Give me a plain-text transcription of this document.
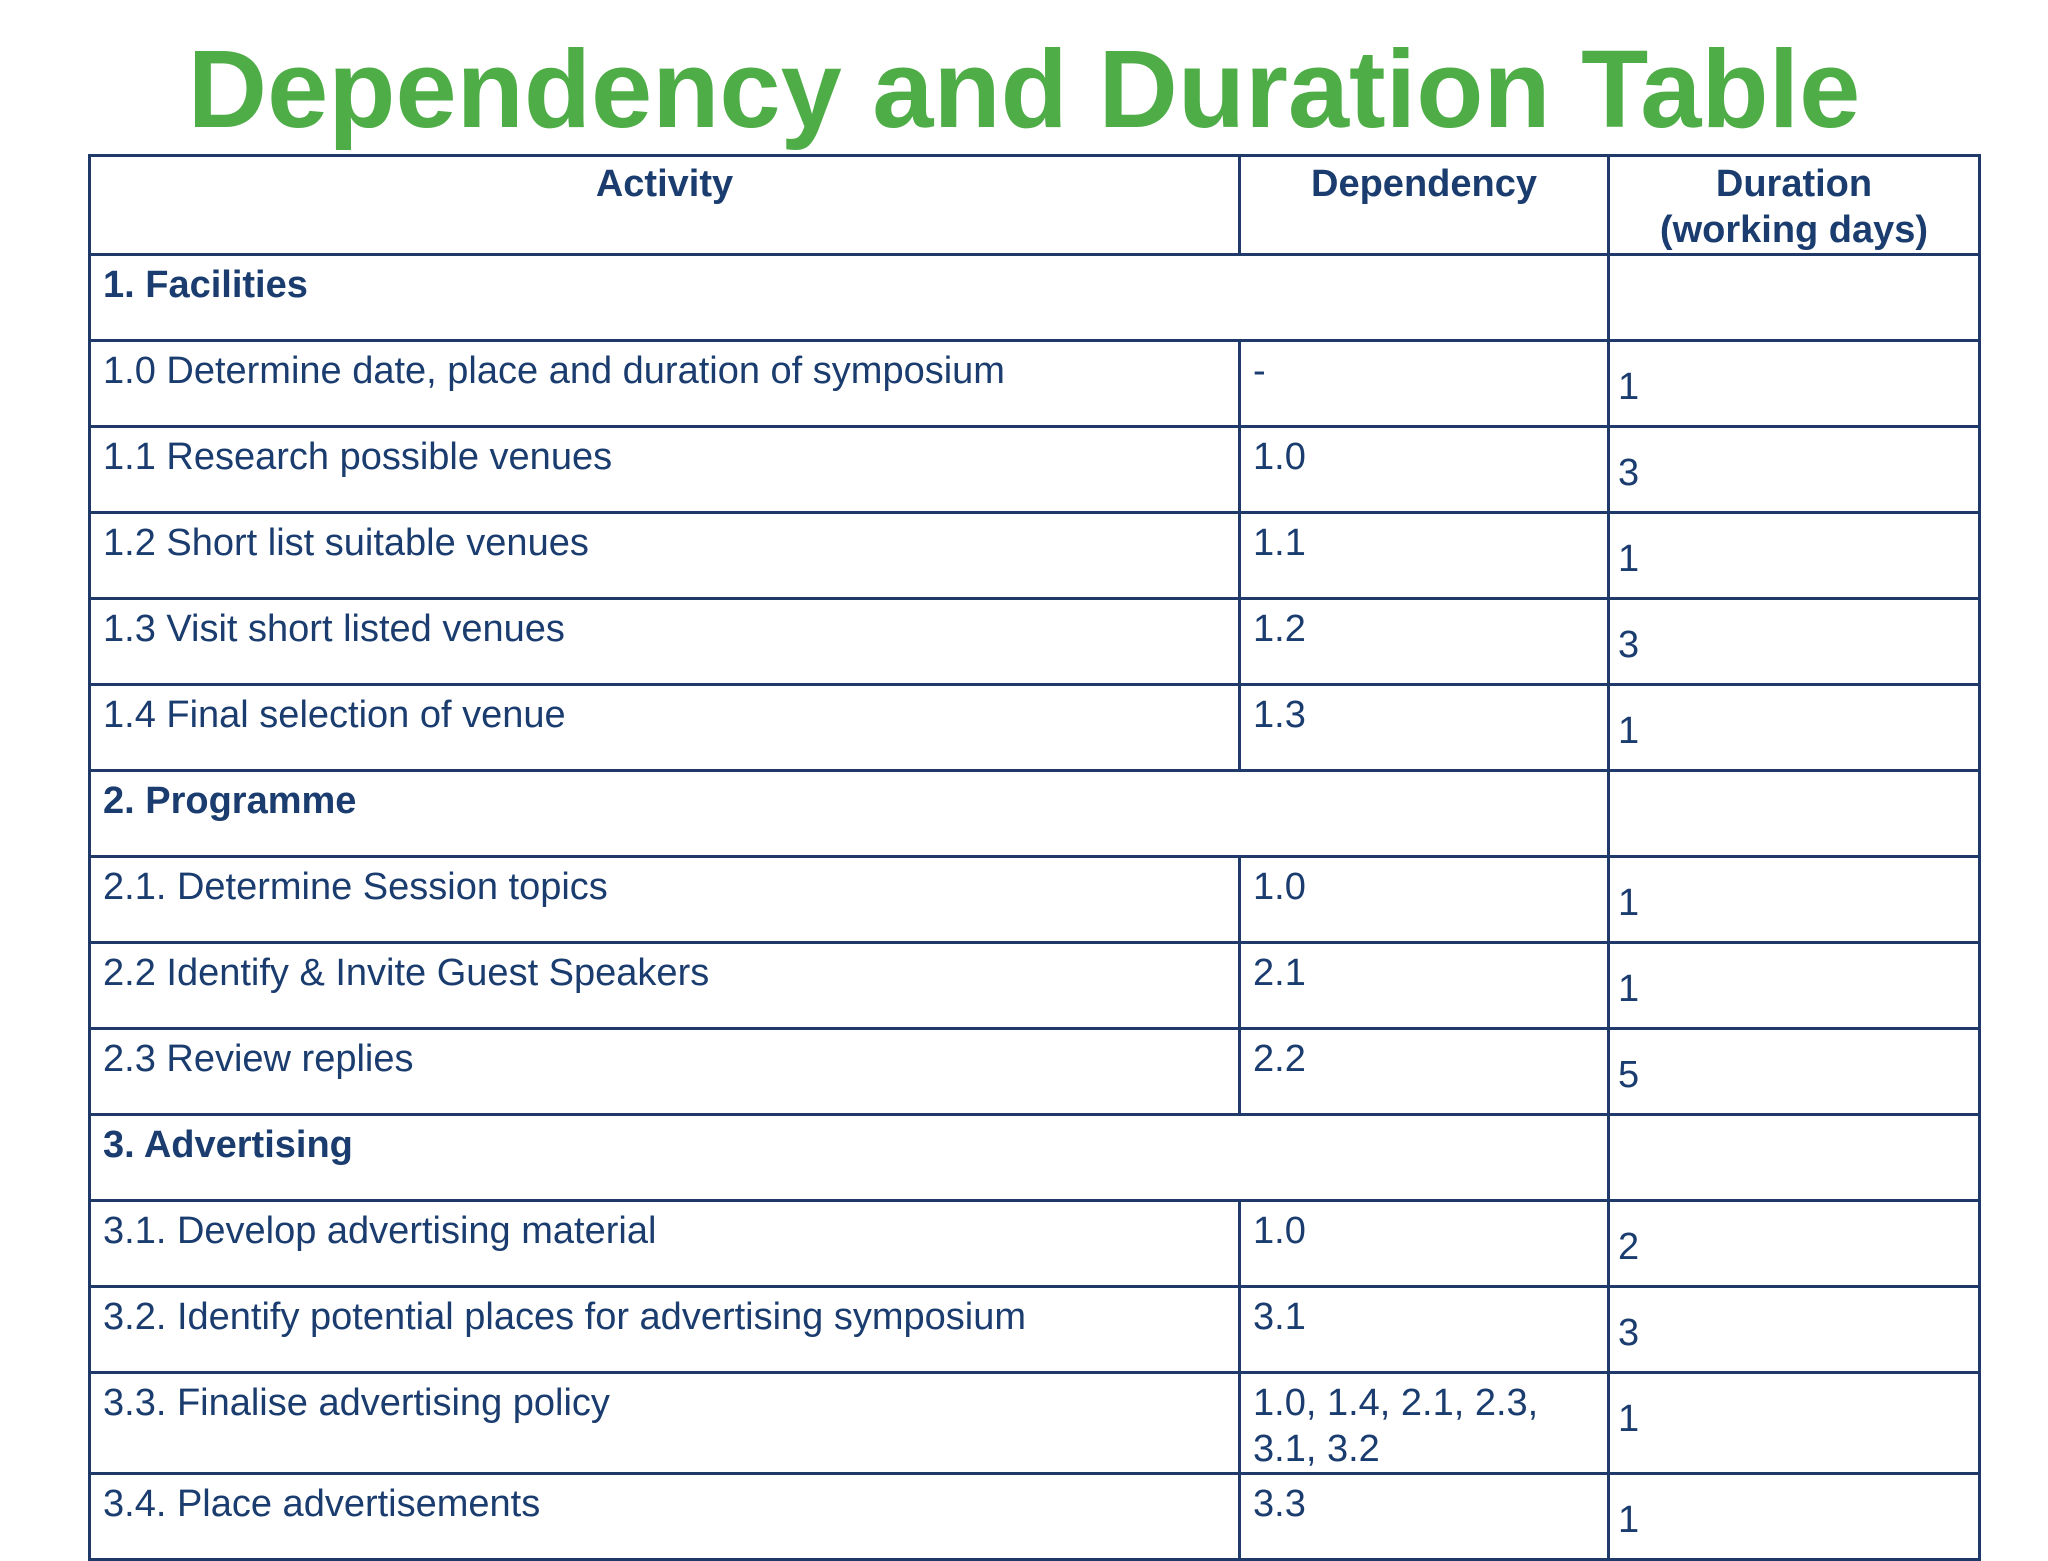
Dependency and Duration Table
Activity	Dependency	Duration
(working days)

1. Facilities		

1.0 Determine date, place and duration of symposium	-	1

1.1 Research possible venues	1.0	3

1.2 Short list suitable venues	1.1	1

1.3 Visit short listed venues	1.2	3

1.4 Final selection of venue	1.3	1

2. Programme		

2.1. Determine Session topics	1.0	1

2.2 Identify & Invite Guest Speakers	2.1	1

2.3 Review replies	2.2	5

3. Advertising		

3.1. Develop advertising material	1.0	2

3.2. Identify potential places for advertising symposium	3.1	3

3.3. Finalise advertising policy	1.0, 1.4, 2.1, 2.3, 3.1, 3.2	1

3.4. Place advertisements	3.3	1
